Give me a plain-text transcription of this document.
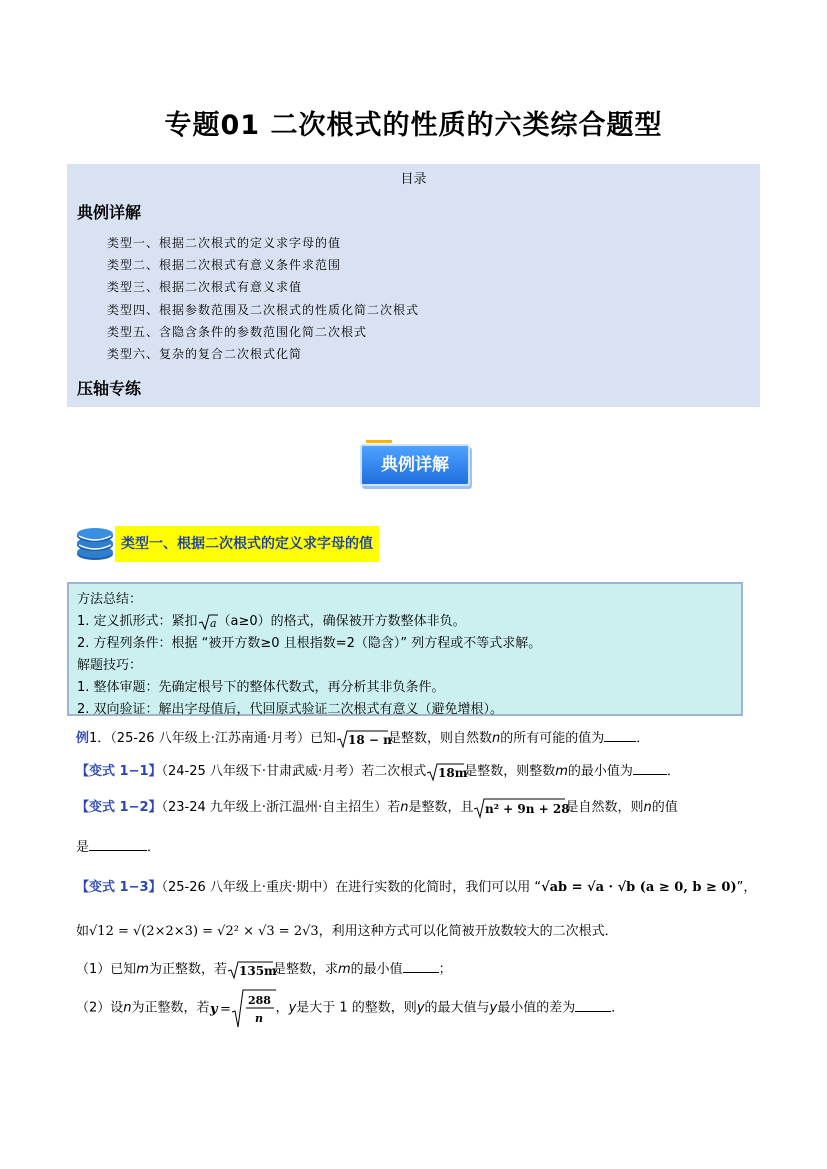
专题01 二次根式的性质的六类综合题型
目录
典例详解
类型一、根据二次根式的定义求字母的值
类型二、根据二次根式有意义条件求范围
类型三、根据二次根式有意义求值
类型四、根据参数范围及二次根式的性质化简二次根式
类型五、含隐含条件的参数范围化简二次根式
类型六、复杂的复合二次根式化简
压轴专练
典例详解
类型一、根据二次根式的定义求字母的值
方法总结：
1. 定义抓形式：紧扣 a （a≥0）的格式，确保被开方数整体非负。
2. 方程列条件：根据 “被开方数≥0 且根指数=2（隐含）” 列方程或不等式求解。
解题技巧：
1. 整体审题：先确定根号下的整体代数式，再分析其非负条件。
2. 双向验证：解出字母值后，代回原式验证二次根式有意义（避免增根）。
例1．（25-26 八年级上·江苏南通·月考）已知 18 − n
是整数，则自然数n的所有可能的值为 ．
【变式 1−1】（24-25 八年级下·甘肃武威·月考）若二次根式 18m
是整数，则整数m的最小值为	．
【变式 1−2】（23-24 九年级上·浙江温州·自主招生）若n是整数，且 n² + 9n + 28
是自然数，则n的值
是	．
【变式 1−3】（25-26 八年级上·重庆·期中）在进行实数的化简时，我们可以用 “√ab = √a · √b (a ≥ 0, b ≥ 0)”，
如√12 = √(2×2×3) = √2² × √3 = 2√3，利用这种方式可以化简被开放数较大的二次根式．
（1）已知m为正整数，若 135m
是整数，求m的最小值	；
（2）设n为正整数，若 y =
288
n
，y是大于 1 的整数，则y的最大值与y最小值的差为	．
